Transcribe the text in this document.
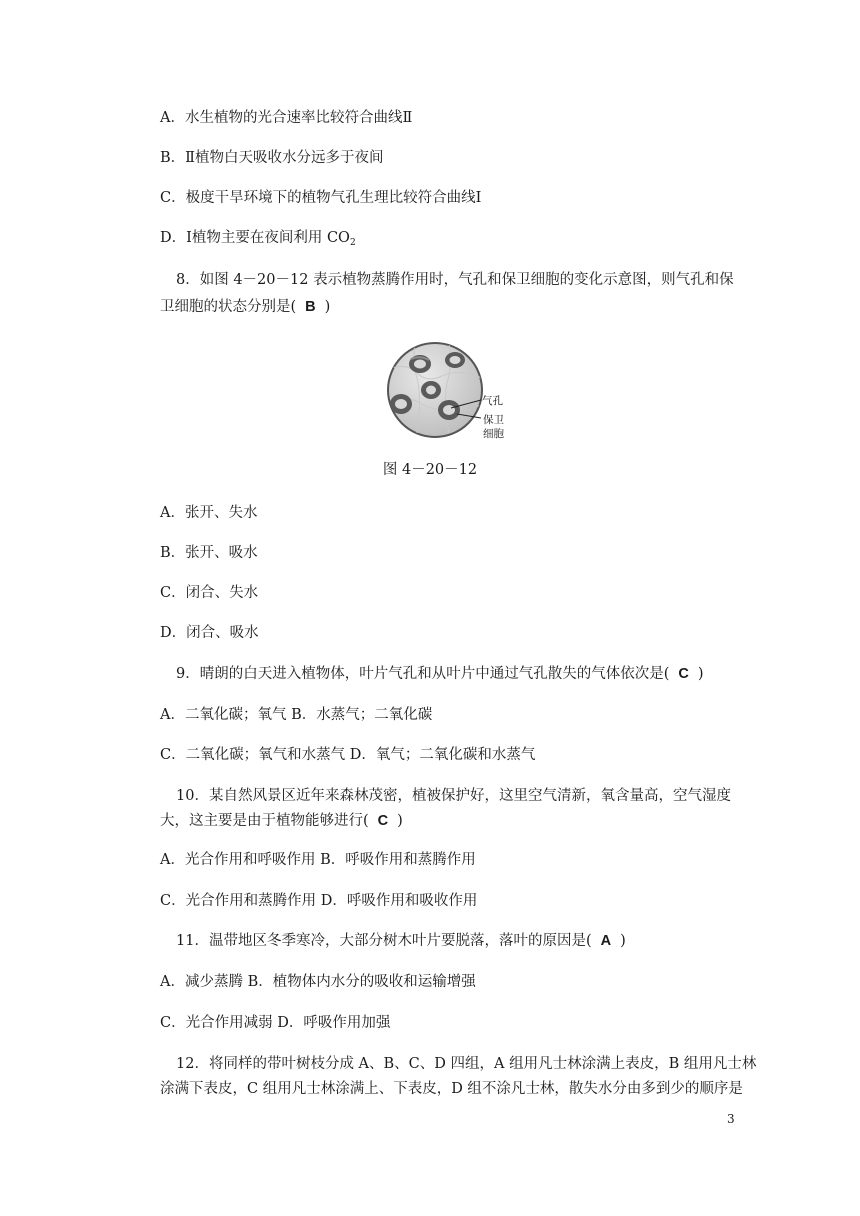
A．水生植物的光合速率比较符合曲线Ⅱ
B．Ⅱ植物白天吸收水分远多于夜间
C．极度干旱环境下的植物气孔生理比较符合曲线Ⅰ
D．Ⅰ植物主要在夜间利用 $CO_2$
8．如图 4－20－12 表示植物蒸腾作用时，气孔和保卫细胞的变化示意图，则气孔和保
卫细胞的状态分别是( B )
气孔
保卫
细胞
图 4－20－12
A．张开、失水
B．张开、吸水
C．闭合、失水
D．闭合、吸水
9．晴朗的白天进入植物体，叶片气孔和从叶片中通过气孔散失的气体依次是( C )
A．二氧化碳；氧气 B．水蒸气；二氧化碳
C．二氧化碳；氧气和水蒸气 D．氧气；二氧化碳和水蒸气
10．某自然风景区近年来森林茂密，植被保护好，这里空气清新，氧含量高，空气湿度
大，这主要是由于植物能够进行( C )
A．光合作用和呼吸作用 B．呼吸作用和蒸腾作用
C．光合作用和蒸腾作用 D．呼吸作用和吸收作用
11．温带地区冬季寒冷，大部分树木叶片要脱落，落叶的原因是( A )
A．减少蒸腾 B．植物体内水分的吸收和运输增强
C．光合作用减弱 D．呼吸作用加强
12．将同样的带叶树枝分成 A、B、C、D 四组，A 组用凡士林涂满上表皮，B 组用凡士林
涂满下表皮，C 组用凡士林涂满上、下表皮，D 组不涂凡士林，散失水分由多到少的顺序是
3
